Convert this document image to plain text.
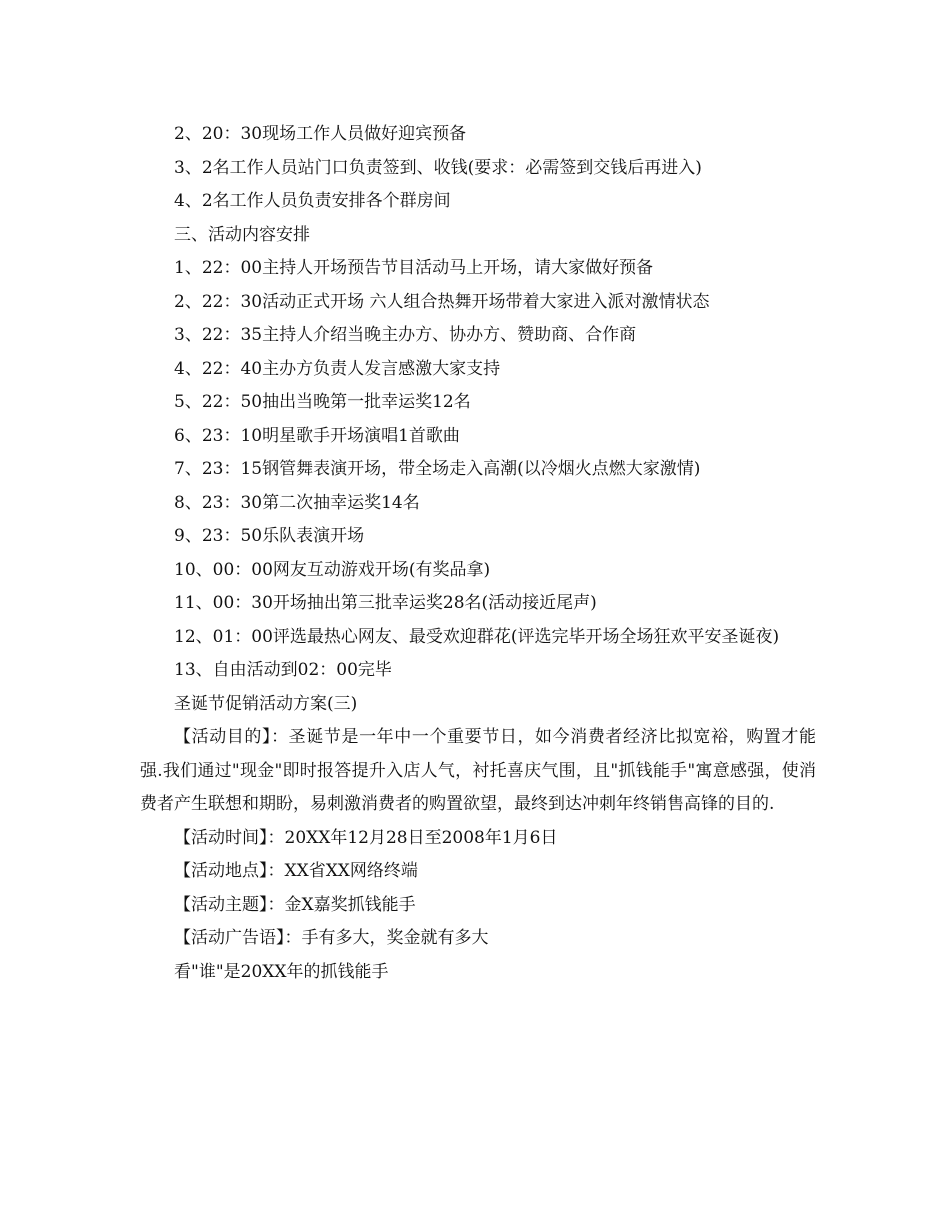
2、20：30现场工作人员做好迎宾预备

3、2名工作人员站门口负责签到、收钱(要求：必需签到交钱后再进入)

4、2名工作人员负责安排各个群房间

三、活动内容安排

1、22：00主持人开场预告节目活动马上开场，请大家做好预备

2、22：30活动正式开场 六人组合热舞开场带着大家进入派对激情状态

3、22：35主持人介绍当晚主办方、协办方、赞助商、合作商

4、22：40主办方负责人发言感激大家支持

5、22：50抽出当晚第一批幸运奖12名

6、23：10明星歌手开场演唱1首歌曲

7、23：15钢管舞表演开场，带全场走入高潮(以冷烟火点燃大家激情)

8、23：30第二次抽幸运奖14名

9、23：50乐队表演开场

10、00：00网友互动游戏开场(有奖品拿)

11、00：30开场抽出第三批幸运奖28名(活动接近尾声)

12、01：00评选最热心网友、最受欢迎群花(评选完毕开场全场狂欢平安圣诞夜)

13、自由活动到02：00完毕

圣诞节促销活动方案(三)

【活动目的】：圣诞节是一年中一个重要节日，如今消费者经济比拟宽裕，购置才能强.我们通过"现金"即时报答提升入店人气，衬托喜庆气围，且"抓钱能手"寓意感强，使消费者产生联想和期盼，易刺激消费者的购置欲望，最终到达冲刺年终销售高锋的目的.

【活动时间】：20XX年12月28日至2008年1月6日

【活动地点】：XX省XX网络终端

【活动主题】：金X嘉奖抓钱能手

【活动广告语】：手有多大，奖金就有多大

看"谁"是20XX年的抓钱能手
